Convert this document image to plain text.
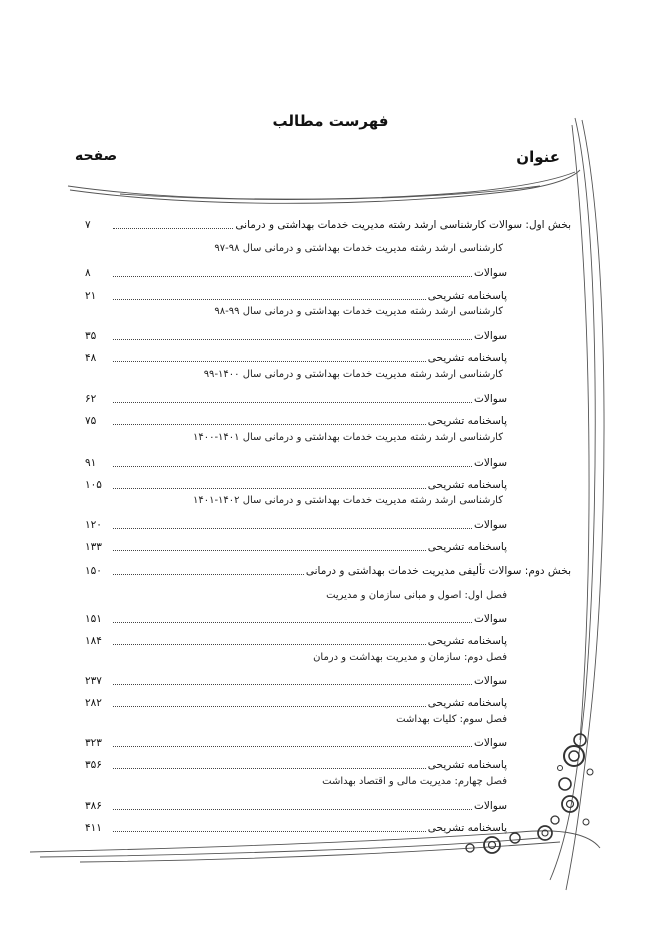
فهرست مطالب
عنوان
صفحه
بخش اول: سوالات کارشناسی ارشد رشته مدیریت خدمات بهداشتی و درمانی
۷
کارشناسی ارشد رشته مدیریت خدمات بهداشتی و درمانی سال ۹۸-۹۷
سوالات
۸
پاسخنامه تشریحی
۲۱
کارشناسی ارشد رشته مدیریت خدمات بهداشتی و درمانی سال ۹۹-۹۸
سوالات
۳۵
پاسخنامه تشریحی
۴۸
کارشناسی ارشد رشته مدیریت خدمات بهداشتی و درمانی سال ۱۴۰۰-۹۹
سوالات
۶۲
پاسخنامه تشریحی
۷۵
کارشناسی ارشد رشته مدیریت خدمات بهداشتی و درمانی سال ۱۴۰۱-۱۴۰۰
سوالات
۹۱
پاسخنامه تشریحی
۱۰۵
کارشناسی ارشد رشته مدیریت خدمات بهداشتی و درمانی سال ۱۴۰۲-۱۴۰۱
سوالات
۱۲۰
پاسخنامه تشریحی
۱۳۳
بخش دوم: سوالات تألیفی مدیریت خدمات بهداشتی و درمانی
۱۵۰
فصل اول: اصول و مبانی سازمان و مدیریت
سوالات
۱۵۱
پاسخنامه تشریحی
۱۸۴
فصل دوم: سازمان و مدیریت بهداشت و درمان
سوالات
۲۳۷
پاسخنامه تشریحی
۲۸۲
فصل سوم: کلیات بهداشت
سوالات
۳۲۳
پاسخنامه تشریحی
۳۵۶
فصل چهارم: مدیریت مالی و اقتصاد بهداشت
سوالات
۳۸۶
پاسخنامه تشریحی
۴۱۱
